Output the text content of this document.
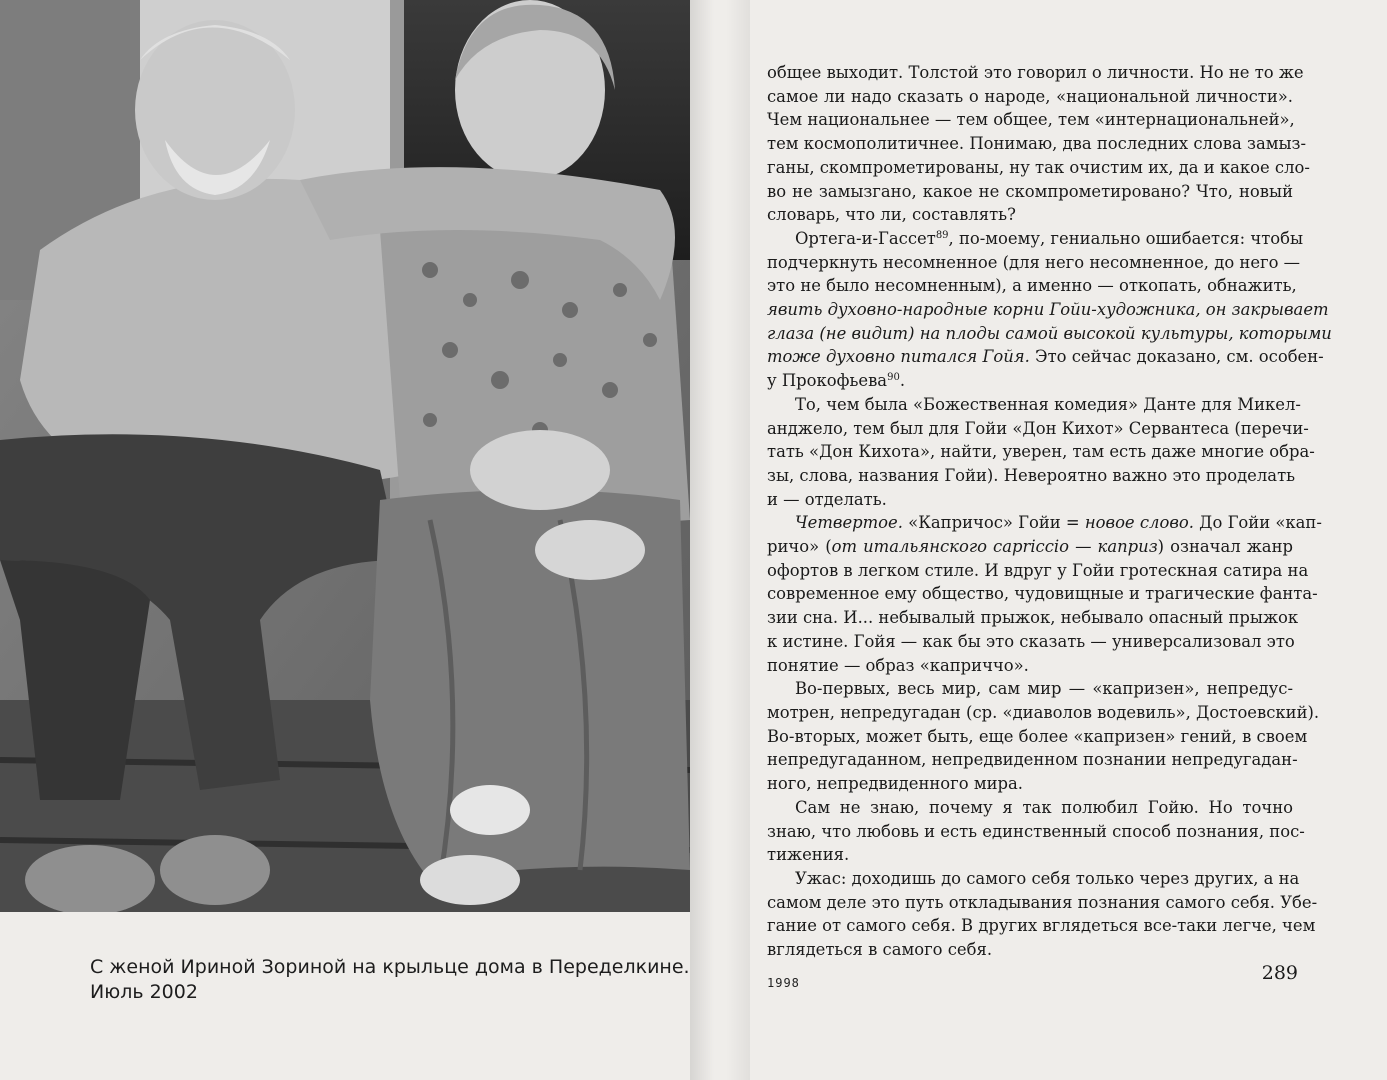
С женой Ириной Зориной на крыльце дома в Переделкине.
Июль 2002

общее выходит. Толстой это говорил о личности. Но не то же
самое ли надо сказать о народе, «национальной личности».
Чем национальнее — тем общее, тем «интернациональней»,
тем космополитичнее. Понимаю, два последних слова замыз-
ганы, скомпрометированы, ну так очистим их, да и какое сло-
во не замызгано, какое не скомпрометировано? Что, новый
словарь, что ли, составлять?

Ортега-и-Гассет$^{89}$, по-моему, гениально ошибается: чтобы
подчеркнуть несомненное (для него несомненное, до него —
это не было несомненным), а именно — откопать, обнажить,
явить духовно-народные корни Гойи-художника, он закрывает
глаза (не видит) на плоды самой высокой культуры, которыми
тоже духовно питался Гойя. Это сейчас доказано, см. особен-
у Прокофьева$^{90}$.

То, чем была «Божественная комедия» Данте для Микел-
анджело, тем был для Гойи «Дон Кихот» Сервантеса (перечи-
тать «Дон Кихота», найти, уверен, там есть даже многие обра-
зы, слова, названия Гойи). Невероятно важно это проделать
и — отделать.

Четвертое. «Капричос» Гойи = новое слово. До Гойи «кап-
ричо» (от итальянского capriccio — каприз) означал жанр
офортов в легком стиле. И вдруг у Гойи гротескная сатира на
современное ему общество, чудовищные и трагические фанта-
зии сна. И... небывалый прыжок, небывало опасный прыжок
к истине. Гойя — как бы это сказать — универсализовал это
понятие — образ «каприччо».

Во-первых, весь мир, сам мир — «капризен», непредус-
мотрен, непредугадан (ср. «диаволов водевиль», Достоевский).
Во-вторых, может быть, еще более «капризен» гений, в своем
непредугаданном, непредвиденном познании непредугадан-
ного, непредвиденного мира.

Сам не знаю, почему я так полюбил Гойю. Но точно
знаю, что любовь и есть единственный способ познания, пос-
тижения.

Ужас: доходишь до самого себя только через других, а на
самом деле это путь откладывания познания самого себя. Убе-
гание от самого себя. В других вглядеться все-таки легче, чем
вглядеться в самого себя.

1998	289
